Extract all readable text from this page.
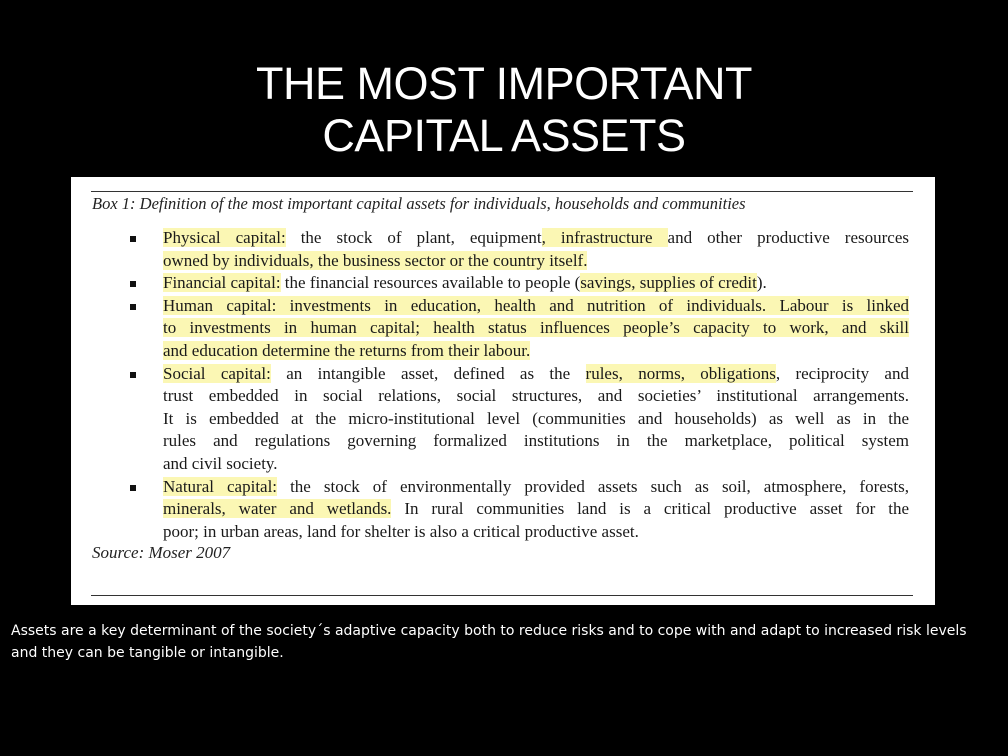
THE MOST IMPORTANT
CAPITAL ASSETS
Box 1: Definition of the most important capital assets for individuals, households and communities
Physical capital: the stock of plant, equipment, infrastructure and other productive resources
owned by individuals, the business sector or the country itself.
Financial capital: the financial resources available to people (savings, supplies of credit).
Human capital: investments in education, health and nutrition of individuals. Labour is linked
to investments in human capital; health status influences people’s capacity to work, and skill
and education determine the returns from their labour.
Social capital: an intangible asset, defined as the rules, norms, obligations, reciprocity and
trust embedded in social relations, social structures, and societies’ institutional arrangements.
It is embedded at the micro-institutional level (communities and households) as well as in the
rules and regulations governing formalized institutions in the marketplace, political system
and civil society.
Natural capital: the stock of environmentally provided assets such as soil, atmosphere, forests,
minerals, water and wetlands. In rural communities land is a critical productive asset for the
poor; in urban areas, land for shelter is also a critical productive asset.
Source: Moser 2007
Assets are a key determinant of the society´s adaptive capacity both to reduce risks and to cope with and adapt to increased risk levels and they can be tangible or intangible.
